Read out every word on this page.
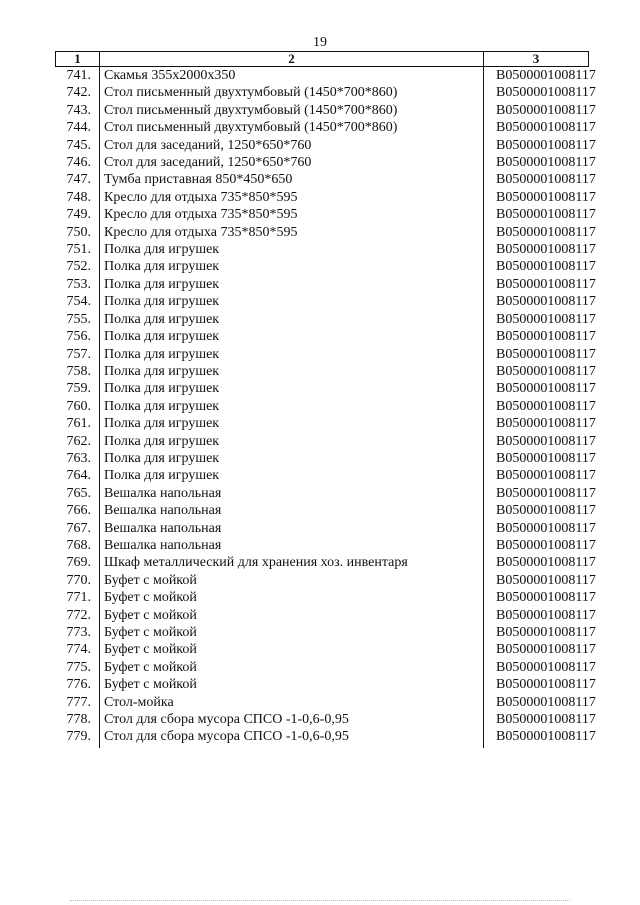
19
1	2	3
741.	Скамья 355х2000х350	B0500001008117
742.	Стол письменный двухтумбовый (1450*700*860)	B0500001008117
743.	Стол письменный двухтумбовый (1450*700*860)	B0500001008117
744.	Стол письменный двухтумбовый (1450*700*860)	B0500001008117
745.	Стол для заседаний, 1250*650*760	B0500001008117
746.	Стол для заседаний, 1250*650*760	B0500001008117
747.	Тумба приставная 850*450*650	B0500001008117
748.	Кресло для отдыха 735*850*595	B0500001008117
749.	Кресло для отдыха 735*850*595	B0500001008117
750.	Кресло для отдыха 735*850*595	B0500001008117
751.	Полка для игрушек	B0500001008117
752.	Полка для игрушек	B0500001008117
753.	Полка для игрушек	B0500001008117
754.	Полка для игрушек	B0500001008117
755.	Полка для игрушек	B0500001008117
756.	Полка для игрушек	B0500001008117
757.	Полка для игрушек	B0500001008117
758.	Полка для игрушек	B0500001008117
759.	Полка для игрушек	B0500001008117
760.	Полка для игрушек	B0500001008117
761.	Полка для игрушек	B0500001008117
762.	Полка для игрушек	B0500001008117
763.	Полка для игрушек	B0500001008117
764.	Полка для игрушек	B0500001008117
765.	Вешалка напольная	B0500001008117
766.	Вешалка напольная	B0500001008117
767.	Вешалка напольная	B0500001008117
768.	Вешалка напольная	B0500001008117
769.	Шкаф металлический для хранения хоз. инвентаря	B0500001008117
770.	Буфет с мойкой	B0500001008117
771.	Буфет с мойкой	B0500001008117
772.	Буфет с мойкой	B0500001008117
773.	Буфет с мойкой	B0500001008117
774.	Буфет с мойкой	B0500001008117
775.	Буфет с мойкой	B0500001008117
776.	Буфет с мойкой	B0500001008117
777.	Стол-мойка	B0500001008117
778.	Стол для сбора мусора СПСО -1-0,6-0,95	B0500001008117
779.	Стол для сбора мусора СПСО -1-0,6-0,95	B0500001008117
